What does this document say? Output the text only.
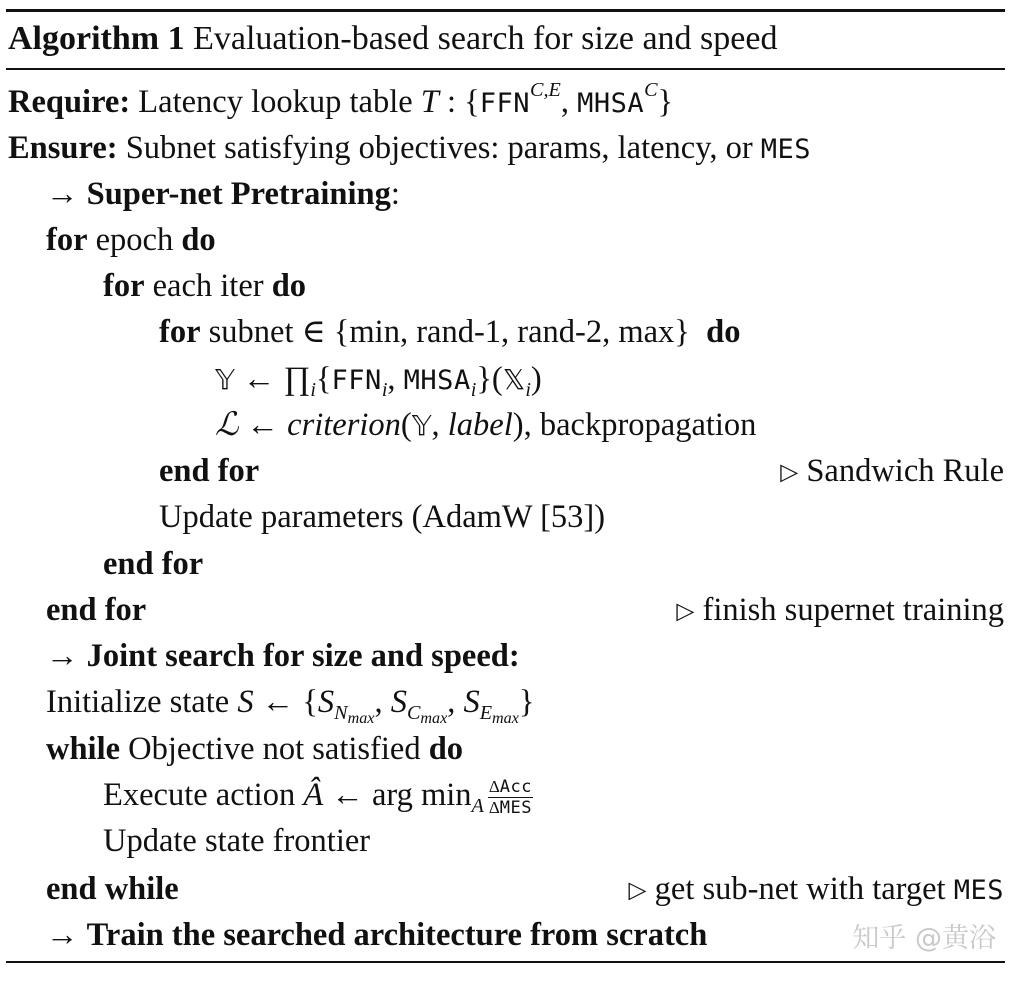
Algorithm 1 Evaluation-based search for size and speed
Require: Latency lookup table T : {$FFN^{C,E}$, $MHSA^C$}
Ensure: Subnet satisfying objectives: params, latency, or MES
→ Super-net Pretraining:
for epoch do
for each iter do
for subnet ∈ {min, rand-1, rand-2, max}  do
𝕐 ← $\prod_i\{FFN_i$, $MHSA_i\}(𝕏_i)$
ℒ ← criterion(𝕐, label), backpropagation
end for	▷ Sandwich Rule
Update parameters (AdamW [53])
end for
end for	▷ finish supernet training
→ Joint search for size and speed:
Initialize state S ← {$S_{N_{max}}$, $S_{C_{max}}$, $S_{E_{max}}$}
while Objective not satisfied do
Execute action Â ← arg $\min_A \frac{\text{ΔAcc}}{\text{ΔMES}}$
Update state frontier
end while	▷ get sub-net with target MES
→ Train the searched architecture from scratch	知乎 @黄浴
